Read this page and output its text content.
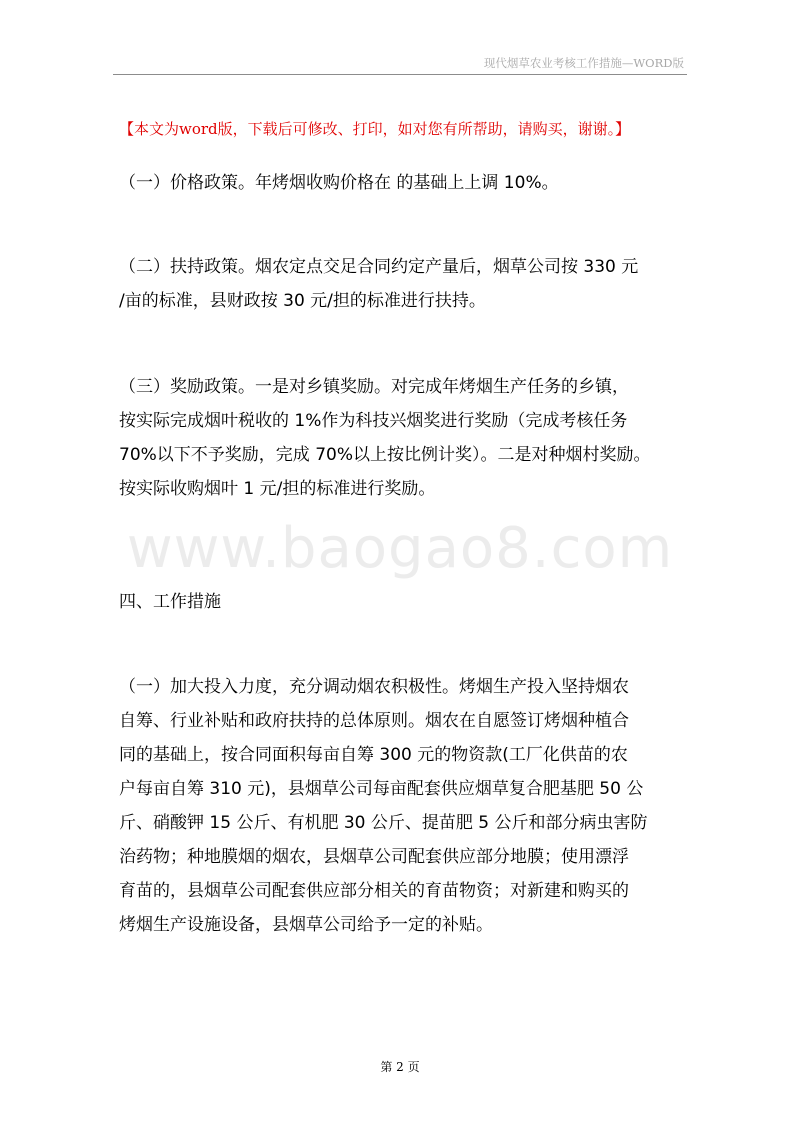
现代烟草农业考核工作措施—WORD版
【本文为word版，下载后可修改、打印，如对您有所帮助，请购买，谢谢。】
www.baogao8.com
（一）价格政策。年烤烟收购价格在 的基础上上调 10%。
（二）扶持政策。烟农定点交足合同约定产量后，烟草公司按 330 元
/亩的标准，县财政按 30 元/担的标准进行扶持。
（三）奖励政策。一是对乡镇奖励。对完成年烤烟生产任务的乡镇，
按实际完成烟叶税收的 1%作为科技兴烟奖进行奖励（完成考核任务
70%以下不予奖励，完成 70%以上按比例计奖）。二是对种烟村奖励。
按实际收购烟叶 1 元/担的标准进行奖励。
四、工作措施
（一）加大投入力度，充分调动烟农积极性。烤烟生产投入坚持烟农
自筹、行业补贴和政府扶持的总体原则。烟农在自愿签订烤烟种植合
同的基础上，按合同面积每亩自筹 300 元的物资款(工厂化供苗的农
户每亩自筹 310 元)，县烟草公司每亩配套供应烟草复合肥基肥 50 公
斤、硝酸钾 15 公斤、有机肥 30 公斤、提苗肥 5 公斤和部分病虫害防
治药物；种地膜烟的烟农，县烟草公司配套供应部分地膜；使用漂浮
育苗的，县烟草公司配套供应部分相关的育苗物资；对新建和购买的
烤烟生产设施设备，县烟草公司给予一定的补贴。
第 2 页
